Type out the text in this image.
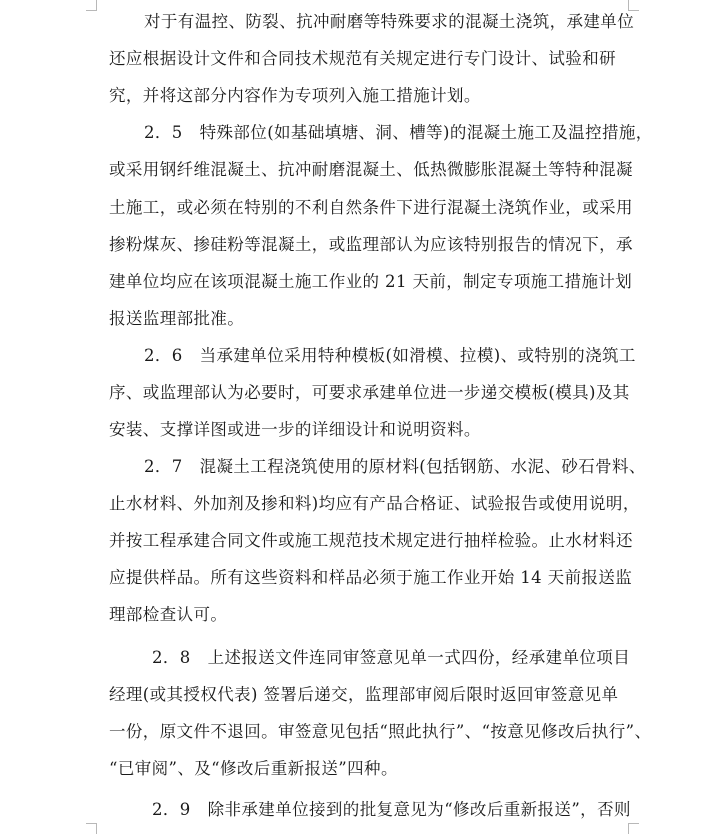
对于有温控、防裂、抗冲耐磨等特殊要求的混凝土浇筑，承建单位
还应根据设计文件和合同技术规范有关规定进行专门设计、试验和研
究，并将这部分内容作为专项列入施工措施计划。
2．5　特殊部位(如基础填塘、洞、槽等)的混凝土施工及温控措施，
或采用钢纤维混凝土、抗冲耐磨混凝土、低热微膨胀混凝土等特种混凝
土施工，或必须在特别的不利自然条件下进行混凝土浇筑作业，或采用
掺粉煤灰、掺硅粉等混凝土，或监理部认为应该特别报告的情况下，承
建单位均应在该项混凝土施工作业的 21 天前，制定专项施工措施计划
报送监理部批准。
2．6　当承建单位采用特种模板(如滑模、拉模)、或特别的浇筑工
序、或监理部认为必要时，可要求承建单位进一步递交模板(模具)及其
安装、支撑详图或进一步的详细设计和说明资料。
2．7　混凝土工程浇筑使用的原材料(包括钢筋、水泥、砂石骨料、
止水材料、外加剂及掺和料)均应有产品合格证、试验报告或使用说明，
并按工程承建合同文件或施工规范技术规定进行抽样检验。止水材料还
应提供样品。所有这些资料和样品必须于施工作业开始 14 天前报送监
理部检查认可。
2．8　上述报送文件连同审签意见单一式四份，经承建单位项目
经理(或其授权代表) 签署后递交，监理部审阅后限时返回审签意见单
一份，原文件不退回。审签意见包括“照此执行”、“按意见修改后执行”、
“已审阅”、及“修改后重新报送”四种。
2．9　除非承建单位接到的批复意见为“修改后重新报送”，否则
